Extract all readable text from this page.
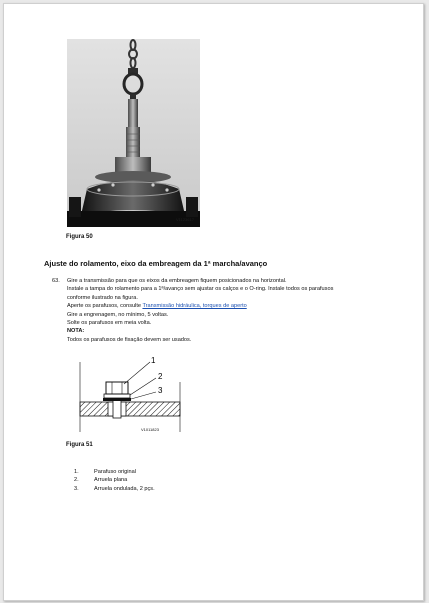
V1123617
Figura 50
Ajuste do rolamento, eixo da embreagem da 1ª marcha/avanço
63.	Gire a transmissão para que os eixos da embreagem fiquem posicionados na horizontal.
Instale a tampa do rolamento para a 1ª/avanço sem ajustar os calços e o O-ring. Instale todos os parafusos
conforme ilustrado na figura.
Aperte os parafusos, consulte Transmissão hidráulica, torques de aperto
Gire a engrenagem, no mínimo, 5 voltas.
Solte os parafusos em meia volta.
NOTA:
Todos os parafusos de fixação devem ser usados.
1
2
3
V1011823
Figura 51
1.	Parafuso original
2.	Arruela plana
3.	Arruela ondulada, 2 pçs.
